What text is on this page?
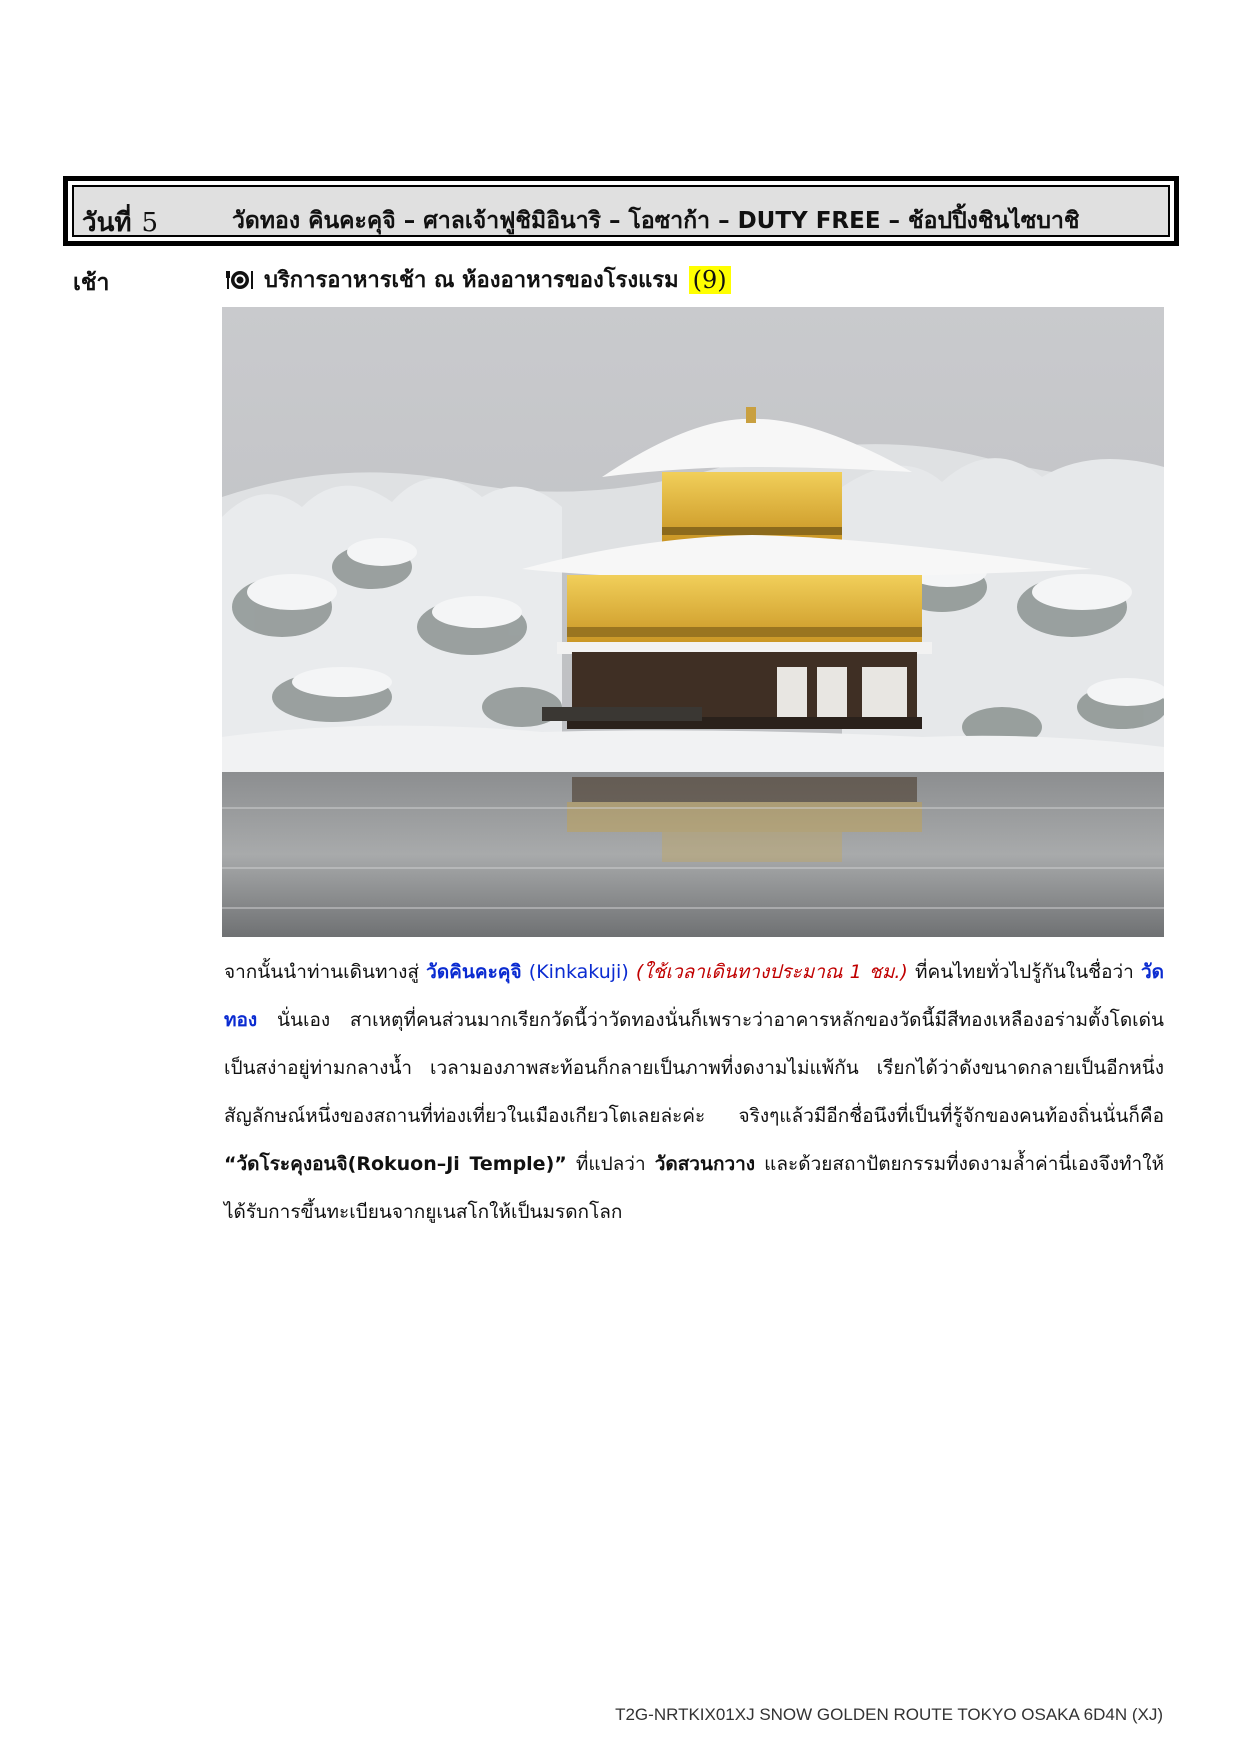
วันที่ 5	วัดทอง คินคะคุจิ – ศาลเจ้าฟูชิมิอินาริ – โอซาก้า – DUTY FREE – ช้อปปิ้งชินไซบาชิ
เช้า	บริการอาหารเช้า ณ ห้องอาหารของโรงแรม (9)
จากนั้นนำท่านเดินทางสู่ วัดคินคะคุจิ (Kinkakuji) (ใช้เวลาเดินทางประมาณ 1 ชม.) ที่คนไทยทั่วไปรู้กันในชื่อว่า วัดทอง นั่นเอง สาเหตุที่คนส่วนมากเรียกวัดนี้ว่าวัดทองนั่นก็เพราะว่าอาคารหลักของวัดนี้มีสีทองเหลืองอร่ามตั้งโดเด่นเป็นสง่าอยู่ท่ามกลางน้ำ เวลามองภาพสะท้อนก็กลายเป็นภาพที่งดงามไม่แพ้กัน เรียกได้ว่าดังขนาดกลายเป็นอีกหนึ่งสัญลักษณ์หนึ่งของสถานที่ท่องเที่ยวในเมืองเกียวโตเลยล่ะค่ะ จริงๆแล้วมีอีกชื่อนึงที่เป็นที่รู้จักของคนท้องถิ่นนั่นก็คือ “วัดโระคุงอนจิ(Rokuon–Ji Temple)” ที่แปลว่า วัดสวนกวาง และด้วยสถาปัตยกรรมที่งดงามล้ำค่านี่เองจึงทำให้ได้รับการขึ้นทะเบียนจากยูเนสโกให้เป็นมรดกโลก
T2G-NRTKIX01XJ SNOW GOLDEN ROUTE TOKYO OSAKA 6D4N (XJ)
